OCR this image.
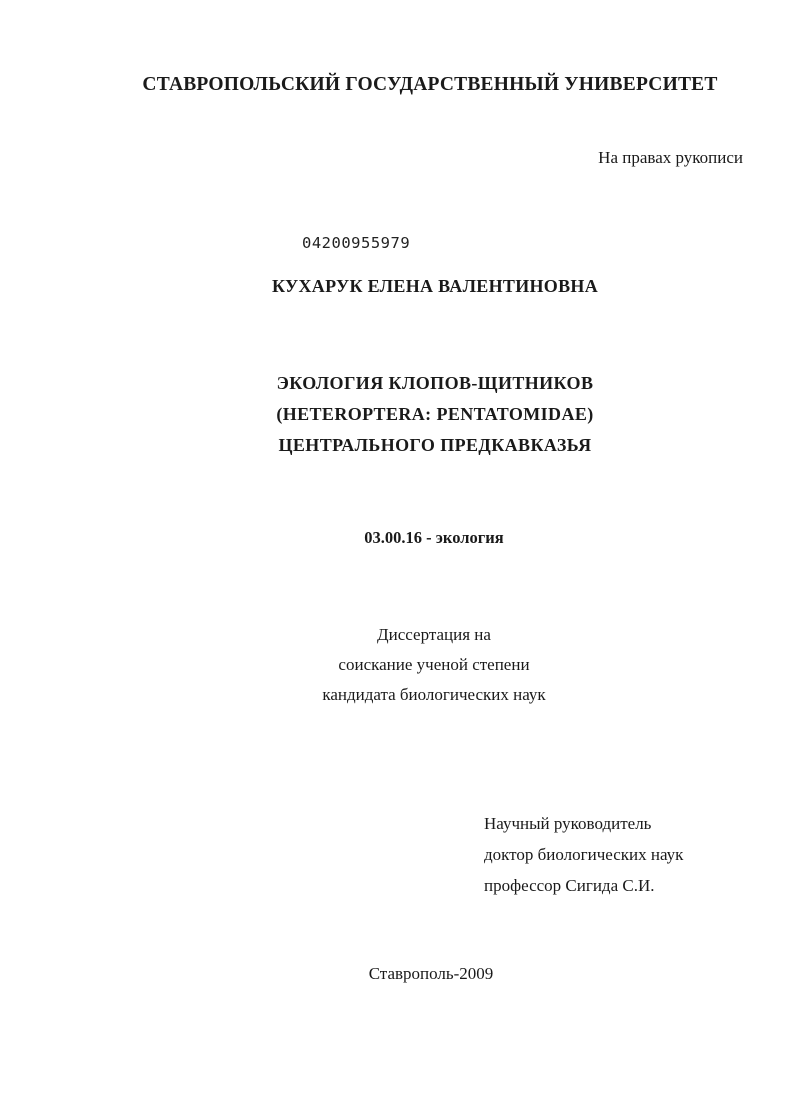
СТАВРОПОЛЬСКИЙ ГОСУДАРСТВЕННЫЙ УНИВЕРСИТЕТ
На правах рукописи
04200955979
КУХАРУК ЕЛЕНА ВАЛЕНТИНОВНА
ЭКОЛОГИЯ КЛОПОВ-ЩИТНИКОВ
(HETEROPTERA: PENTATOMIDAE)
ЦЕНТРАЛЬНОГО ПРЕДКАВКАЗЬЯ
03.00.16 - экология
Диссертация на
соискание ученой степени
кандидата биологических наук
Научный руководитель
доктор биологических наук
профессор Сигида С.И.
Ставрополь-2009
